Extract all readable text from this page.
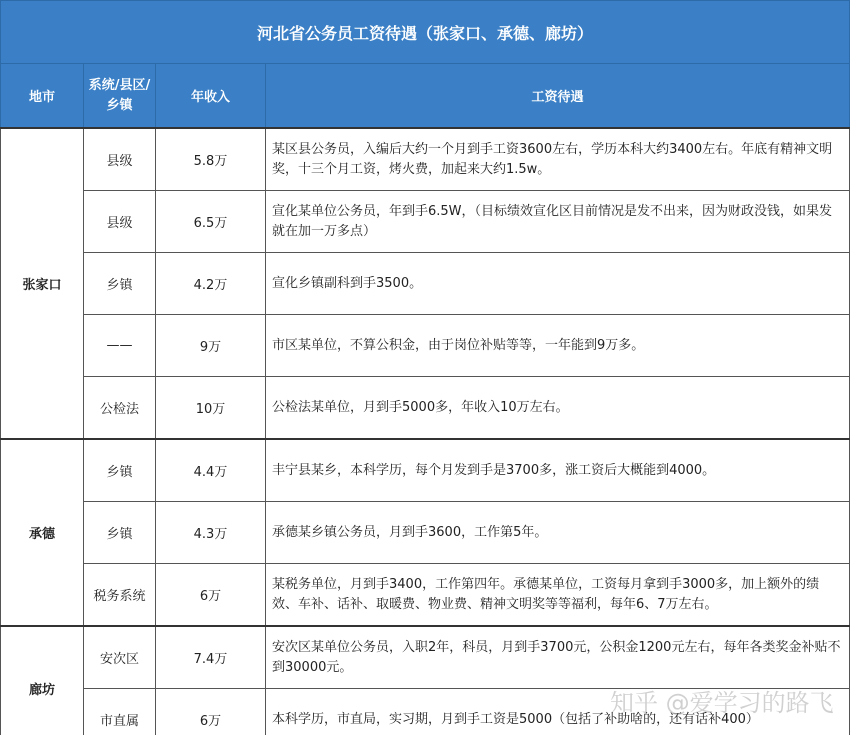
河北省公务员工资待遇（张家口、承德、廊坊）			
地市	系统/县区/乡镇	年收入	工资待遇
张家口	县级	5.8万	某区县公务员，入编后大约一个月到手工资3600左右，学历本科大约3400左右。年底有精神文明奖，十三个月工资，烤火费，加起来大约1.5w。
	县级	6.5万	宣化某单位公务员，年到手6.5W，（目标绩效宣化区目前情况是发不出来，因为财政没钱，如果发就在加一万多点）
	乡镇	4.2万	宣化乡镇副科到手3500。
	——	9万	市区某单位，不算公积金，由于岗位补贴等等，一年能到9万多。
	公检法	10万	公检法某单位，月到手5000多，年收入10万左右。
承德	乡镇	4.4万	丰宁县某乡，本科学历，每个月发到手是3700多，涨工资后大概能到4000。
	乡镇	4.3万	承德某乡镇公务员，月到手3600，工作第5年。
	税务系统	6万	某税务单位，月到手3400，工作第四年。承德某单位，工资每月拿到手3000多，加上额外的绩效、车补、话补、取暖费、物业费、精神文明奖等等福利，每年6、7万左右。
廊坊	安次区	7.4万	安次区某单位公务员，入职2年，科员，月到手3700元，公积金1200元左右，每年各类奖金补贴不到30000元。
	市直属	6万	本科学历，市直局，实习期，月到手工资是5000（包括了补助啥的，还有话补400）
知乎 @爱学习的路飞
